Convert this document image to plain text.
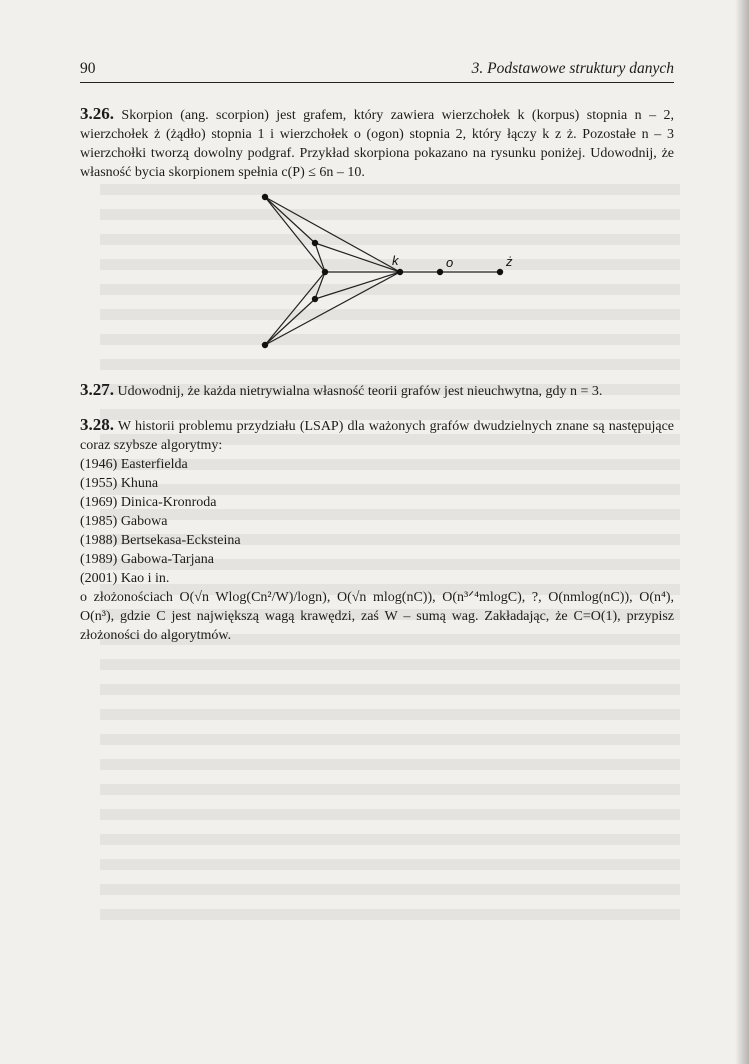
90	3. Podstawowe struktury danych
3.26. Skorpion (ang. scorpion) jest grafem, który zawiera wierzchołek k (korpus) stopnia n – 2, wierzchołek ż (żądło) stopnia 1 i wierzchołek o (ogon) stopnia 2, który łączy k z ż. Pozostałe n – 3 wierzchołki tworzą dowolny podgraf. Przykład skorpiona pokazano na rysunku poniżej. Udowodnij, że własność bycia skorpionem spełnia c(P) ≤ 6n – 10.
k	o	ż
3.27. Udowodnij, że każda nietrywialna własność teorii grafów jest nieuchwytna, gdy n = 3.
3.28. W historii problemu przydziału (LSAP) dla ważonych grafów dwudzielnych znane są następujące coraz szybsze algorytmy:
(1946) Easterfielda
(1955) Khuna
(1969) Dinica-Kronroda
(1985) Gabowa
(1988) Bertsekasa-Ecksteina
(1989) Gabowa-Tarjana
(2001) Kao i in.
o złożonościach O(√n Wlog(Cn²/W)/logn), O(√n mlog(nC)), O(n³ᐟ⁴mlogC), ?, O(nmlog(nC)), O(n⁴), O(n³), gdzie C jest największą wagą krawędzi, zaś W – sumą wag. Zakładając, że C=O(1), przypisz złożoności do algorytmów.
